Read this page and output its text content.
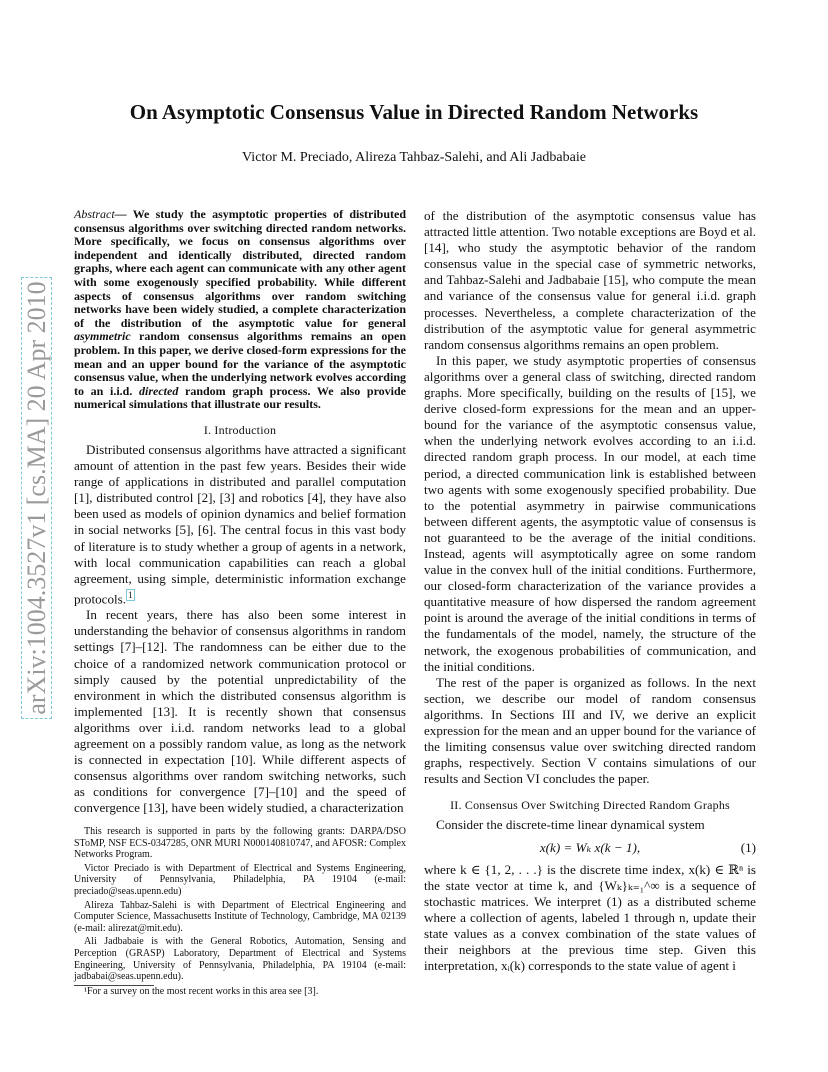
On Asymptotic Consensus Value in Directed Random Networks
Victor M. Preciado, Alireza Tahbaz-Salehi, and Ali Jadbabaie
arXiv:1004.3527v1 [cs.MA] 20 Apr 2010
Abstract— We study the asymptotic properties of distributed consensus algorithms over switching directed random networks. More specifically, we focus on consensus algorithms over independent and identically distributed, directed random graphs, where each agent can communicate with any other agent with some exogenously specified probability. While different aspects of consensus algorithms over random switching networks have been widely studied, a complete characterization of the distribution of the asymptotic value for general asymmetric random consensus algorithms remains an open problem. In this paper, we derive closed-form expressions for the mean and an upper bound for the variance of the asymptotic consensus value, when the underlying network evolves according to an i.i.d. directed random graph process. We also provide numerical simulations that illustrate our results.
I. Introduction

Distributed consensus algorithms have attracted a significant amount of attention in the past few years. Besides their wide range of applications in distributed and parallel computation [1], distributed control [2], [3] and robotics [4], they have also been used as models of opinion dynamics and belief formation in social networks [5], [6]. The central focus in this vast body of literature is to study whether a group of agents in a network, with local communication capabilities can reach a global agreement, using simple, deterministic information exchange protocols. $^1$

In recent years, there has also been some interest in understanding the behavior of consensus algorithms in random settings [7]–[12]. The randomness can be either due to the choice of a randomized network communication protocol or simply caused by the potential unpredictability of the environment in which the distributed consensus algorithm is implemented [13]. It is recently shown that consensus algorithms over i.i.d. random networks lead to a global agreement on a possibly random value, as long as the network is connected in expectation [10]. While different aspects of consensus algorithms over random switching networks, such as conditions for convergence [7]–[10] and the speed of convergence [13], have been widely studied, a characterization

This research is supported in parts by the following grants: DARPA/DSO SToMP, NSF ECS-0347285, ONR MURI N000140810747, and AFOSR: Complex Networks Program.

Victor Preciado is with Department of Electrical and Systems Engineering, University of Pennsylvania, Philadelphia, PA 19104 (e-mail: preciado@seas.upenn.edu)

Alireza Tahbaz-Salehi is with Department of Electrical Engineering and Computer Science, Massachusetts Institute of Technology, Cambridge, MA 02139 (e-mail: alirezat@mit.edu).

Ali Jadbabaie is with the General Robotics, Automation, Sensing and Perception (GRASP) Laboratory, Department of Electrical and Systems Engineering, University of Pennsylvania, Philadelphia, PA 19104 (e-mail: jadbabai@seas.upenn.edu).

¹For a survey on the most recent works in this area see [3].

of the distribution of the asymptotic consensus value has attracted little attention. Two notable exceptions are Boyd et al. [14], who study the asymptotic behavior of the random consensus value in the special case of symmetric networks, and Tahbaz-Salehi and Jadbabaie [15], who compute the mean and variance of the consensus value for general i.i.d. graph processes. Nevertheless, a complete characterization of the distribution of the asymptotic value for general asymmetric random consensus algorithms remains an open problem.

In this paper, we study asymptotic properties of consensus algorithms over a general class of switching, directed random graphs. More specifically, building on the results of [15], we derive closed-form expressions for the mean and an upper-bound for the variance of the asymptotic consensus value, when the underlying network evolves according to an i.i.d. directed random graph process. In our model, at each time period, a directed communication link is established between two agents with some exogenously specified probability. Due to the potential asymmetry in pairwise communications between different agents, the asymptotic value of consensus is not guaranteed to be the average of the initial conditions. Instead, agents will asymptotically agree on some random value in the convex hull of the initial conditions. Furthermore, our closed-form characterization of the variance provides a quantitative measure of how dispersed the random agreement point is around the average of the initial conditions in terms of the fundamentals of the model, namely, the structure of the network, the exogenous probabilities of communication, and the initial conditions.

The rest of the paper is organized as follows. In the next section, we describe our model of random consensus algorithms. In Sections III and IV, we derive an explicit expression for the mean and an upper bound for the variance of the limiting consensus value over switching directed random graphs, respectively. Section V contains simulations of our results and Section VI concludes the paper.

II. Consensus Over Switching Directed Random Graphs

Consider the discrete-time linear dynamical system

x(k) = Wₖ x(k − 1),	(1)

where k ∈ {1, 2, . . .} is the discrete time index, x(k) ∈ ℝⁿ is the state vector at time k, and {Wₖ}ₖ₌₁^∞ is a sequence of stochastic matrices. We interpret (1) as a distributed scheme where a collection of agents, labeled 1 through n, update their state values as a convex combination of the state values of their neighbors at the previous time step. Given this interpretation, xᵢ(k) corresponds to the state value of agent i
